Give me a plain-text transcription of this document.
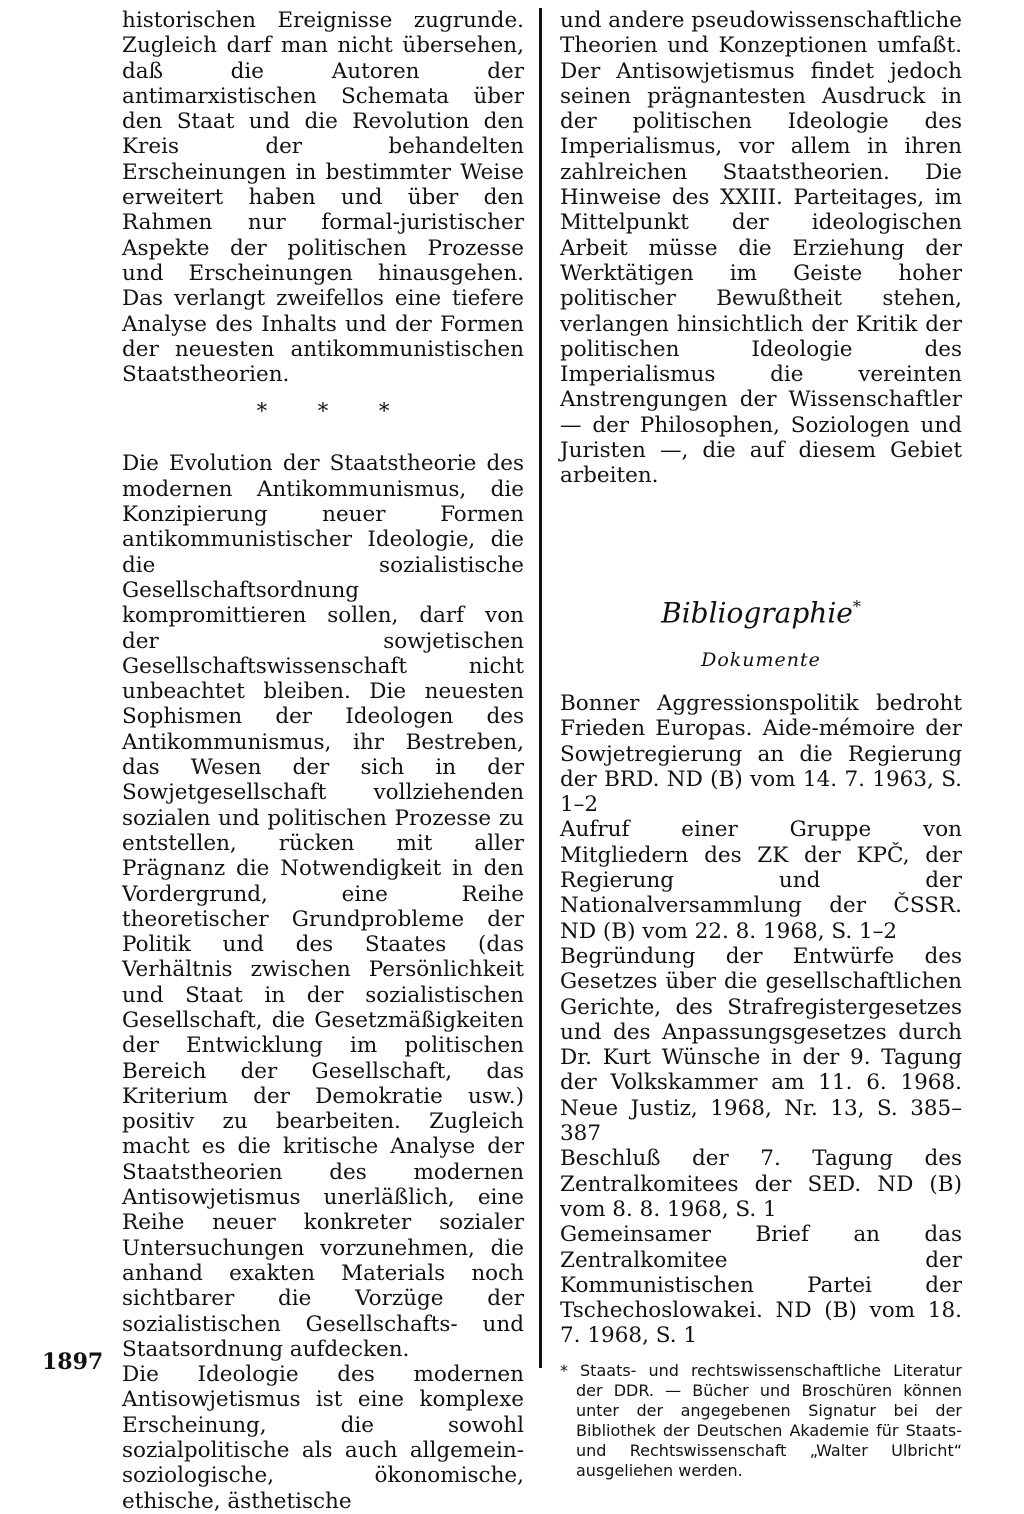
historischen Ereignisse zugrunde. Zugleich darf man nicht übersehen, daß die Autoren der antimarxistischen Schemata über den Staat und die Revolution den Kreis der behandelten Erscheinungen in bestimmter Weise erweitert haben und über den Rahmen nur formal-juristischer Aspekte der politischen Prozesse und Erscheinungen hinausgehen. Das verlangt zweifellos eine tiefere Analyse des Inhalts und der Formen der neuesten antikommunistischen Staatstheorien.

* * *

Die Evolution der Staatstheorie des modernen Antikommunismus, die Konzipierung neuer Formen antikommunistischer Ideologie, die die sozialistische Gesellschaftsordnung kompromittieren sollen, darf von der sowjetischen Gesellschaftswissenschaft nicht unbeachtet bleiben. Die neuesten Sophismen der Ideologen des Antikommunismus, ihr Bestreben, das Wesen der sich in der Sowjetgesellschaft vollziehenden sozialen und politischen Prozesse zu entstellen, rücken mit aller Prägnanz die Notwendigkeit in den Vordergrund, eine Reihe theoretischer Grundprobleme der Politik und des Staates (das Verhältnis zwischen Persönlichkeit und Staat in der sozialistischen Gesellschaft, die Gesetzmäßigkeiten der Entwicklung im politischen Bereich der Gesellschaft, das Kriterium der Demokratie usw.) positiv zu bearbeiten. Zugleich macht es die kritische Analyse der Staatstheorien des modernen Antisowjetismus unerläßlich, eine Reihe neuer konkreter sozialer Untersuchungen vorzunehmen, die anhand exakten Materials noch sichtbarer die Vorzüge der sozialistischen Gesellschafts- und Staatsordnung aufdecken.

Die Ideologie des modernen Antisowjetismus ist eine komplexe Erscheinung, die sowohl sozialpolitische als auch allgemein-soziologische, ökonomische, ethische, ästhetische

und andere pseudowissenschaftliche Theorien und Konzeptionen umfaßt. Der Antisowjetismus findet jedoch seinen prägnantesten Ausdruck in der politischen Ideologie des Imperialismus, vor allem in ihren zahlreichen Staatstheorien. Die Hinweise des XXIII. Parteitages, im Mittelpunkt der ideologischen Arbeit müsse die Erziehung der Werktätigen im Geiste hoher politischer Bewußtheit stehen, verlangen hinsichtlich der Kritik der politischen Ideologie des Imperialismus die vereinten Anstrengungen der Wissenschaftler — der Philosophen, Soziologen und Juristen —, die auf diesem Gebiet arbeiten.

Bibliographie*
Dokumente

Bonner Aggressionspolitik bedroht Frieden Europas. Aide-mémoire der Sowjetregierung an die Regierung der BRD. ND (B) vom 14. 7. 1963, S. 1–2

Aufruf einer Gruppe von Mitgliedern des ZK der KPČ, der Regierung und der Nationalversammlung der ČSSR. ND (B) vom 22. 8. 1968, S. 1–2

Begründung der Entwürfe des Gesetzes über die gesellschaftlichen Gerichte, des Strafregistergesetzes und des Anpassungsgesetzes durch Dr. Kurt Wünsche in der 9. Tagung der Volkskammer am 11. 6. 1968. Neue Justiz, 1968, Nr. 13, S. 385–387

Beschluß der 7. Tagung des Zentralkomitees der SED. ND (B) vom 8. 8. 1968, S. 1

Gemeinsamer Brief an das Zentralkomitee der Kommunistischen Partei der Tschechoslowakei. ND (B) vom 18. 7. 1968, S. 1

* Staats- und rechtswissenschaftliche Literatur der DDR. — Bücher und Broschüren können unter der angegebenen Signatur bei der Bibliothek der Deutschen Akademie für Staats- und Rechtswissenschaft „Walter Ulbricht“ ausgeliehen werden.

1897
